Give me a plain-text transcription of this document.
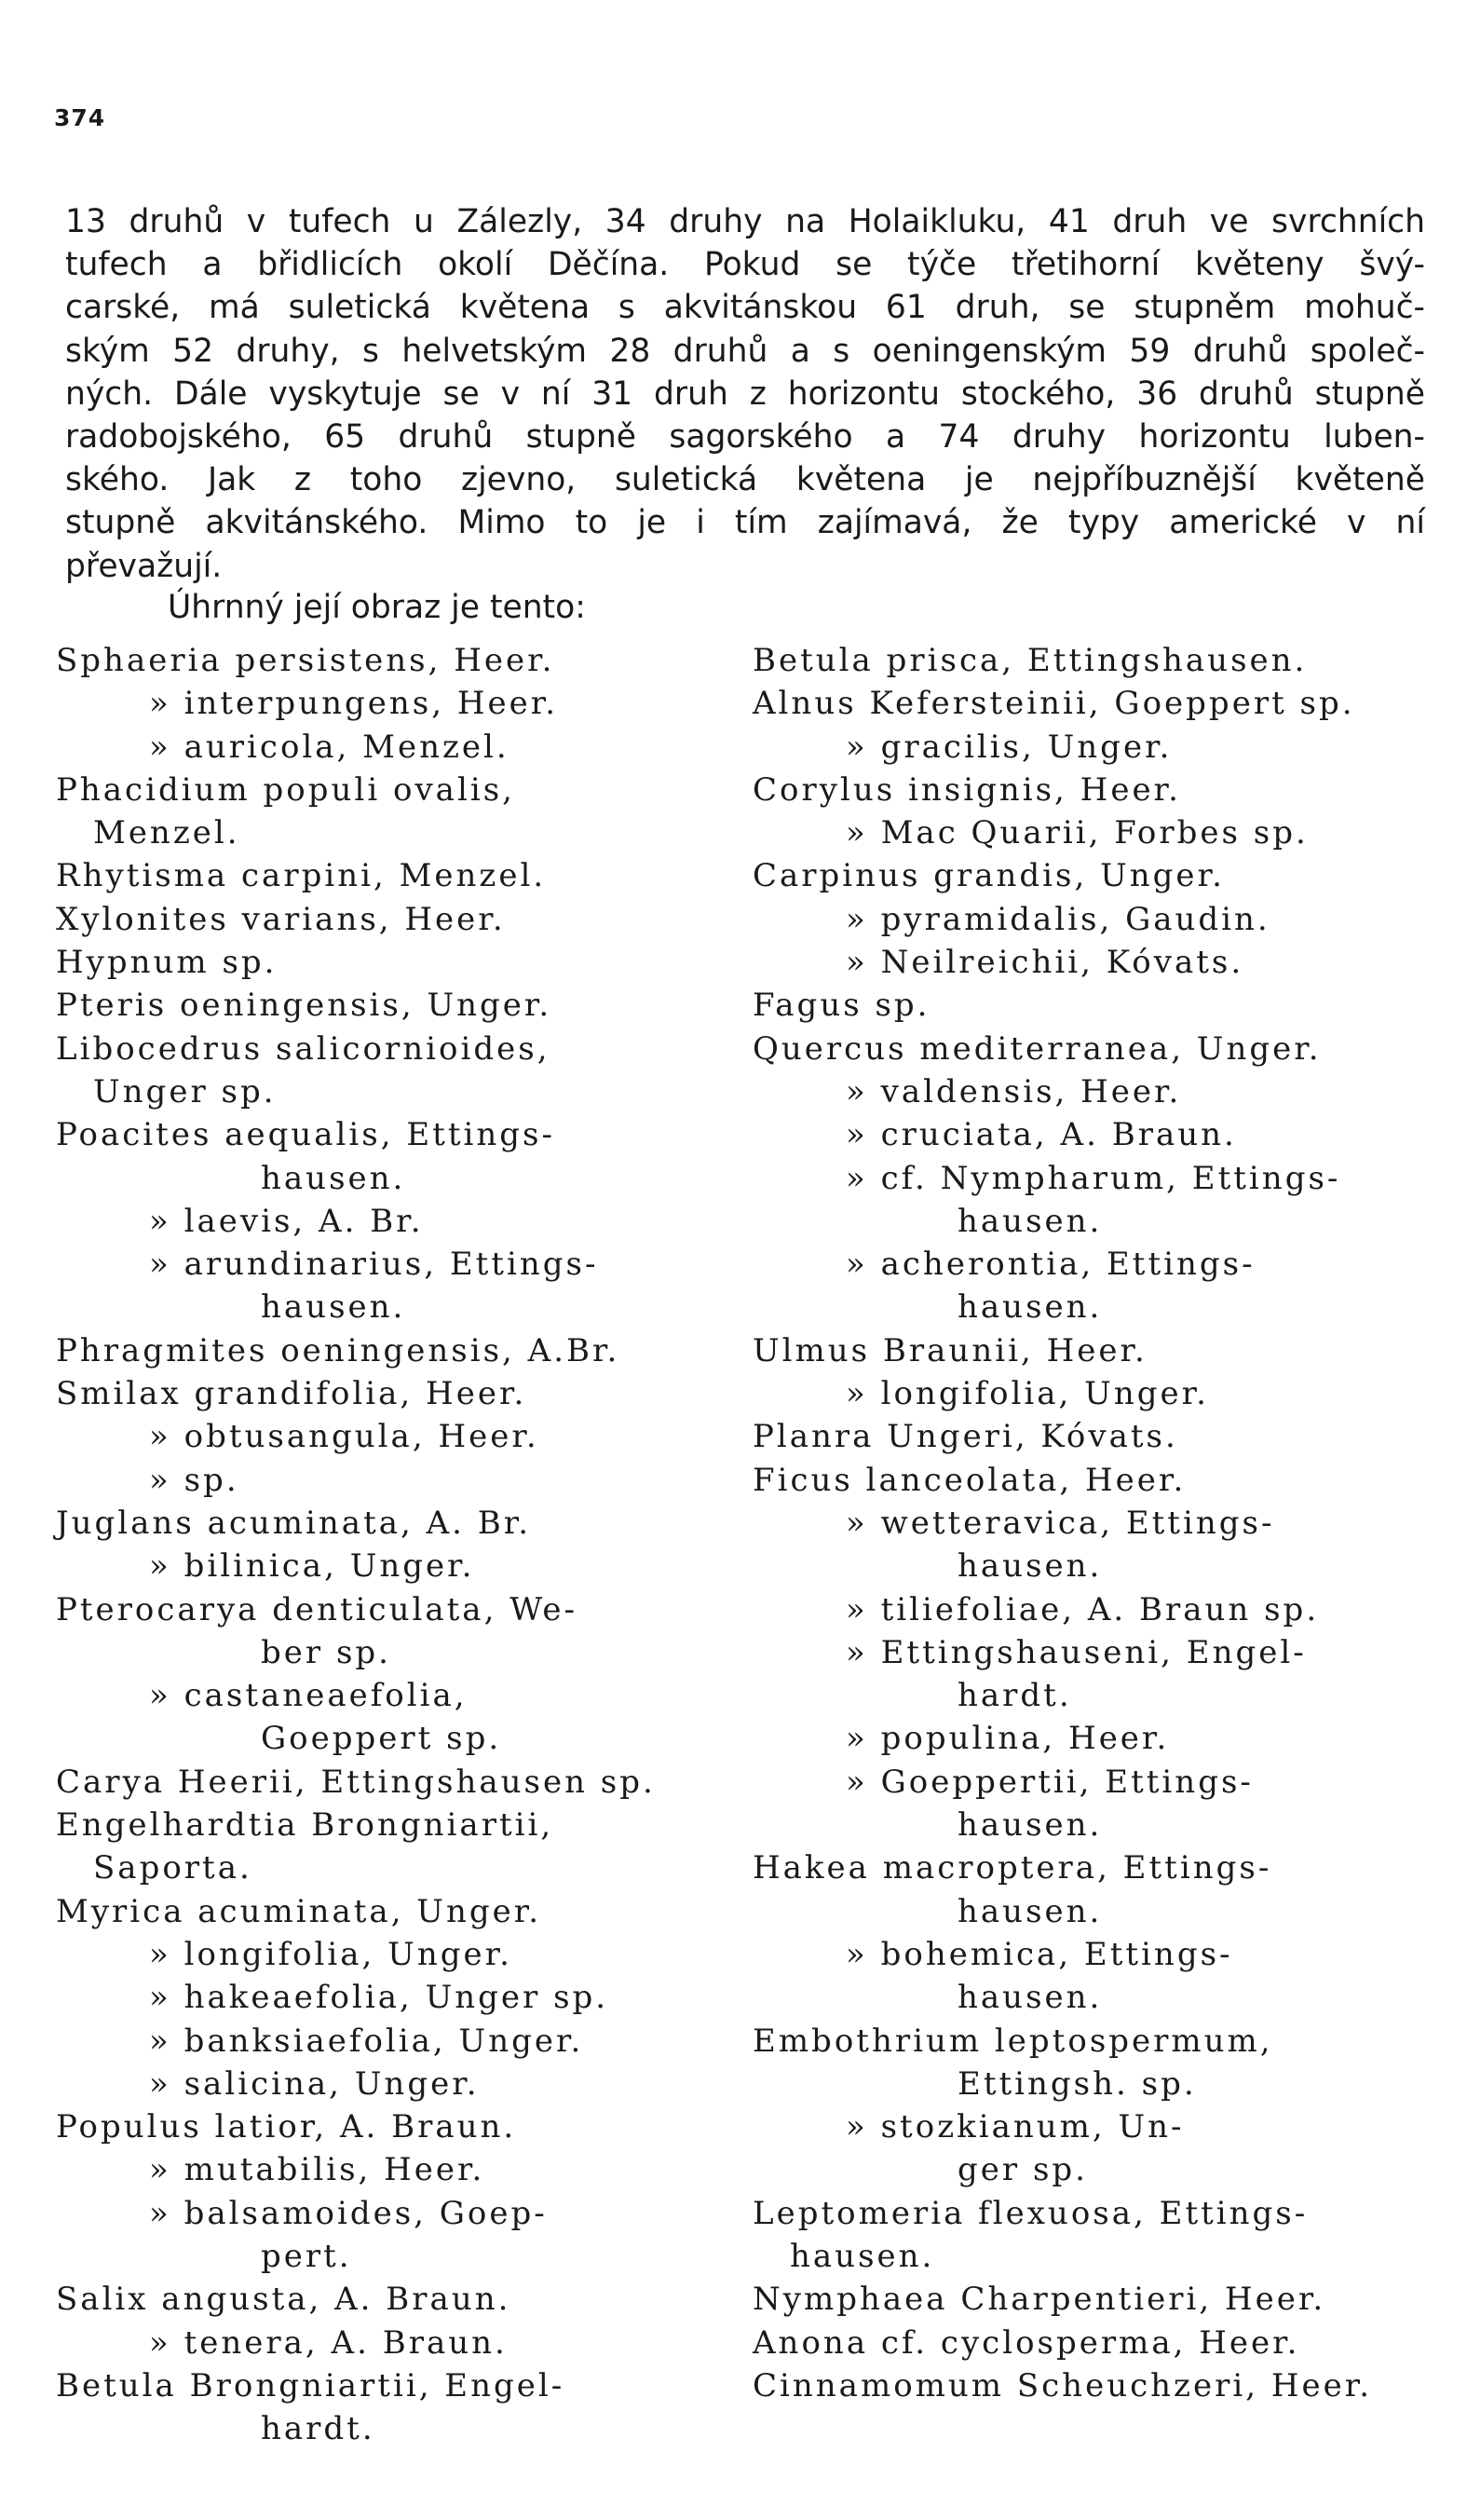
374
13 druhů v tufech u Zálezly, 34 druhy na Holaikluku, 41 druh ve svrchních
tufech a břidlicích okolí Děčína. Pokud se týče třetihorní květeny švý-
carské, má suletická květena s akvitánskou 61 druh, se stupněm mohuč-
ským 52 druhy, s helvetským 28 druhů a s oeningenským 59 druhů společ-
ných. Dále vyskytuje se v ní 31 druh z horizontu stockého, 36 druhů stupně
radobojského, 65 druhů stupně sagorského a 74 druhy horizontu luben-
ského. Jak z toho zjevno, suletická květena je nejpříbuznější květeně
stupně akvitánského. Mimo to je i tím zajímavá, že typy americké v ní
převažují.
Úhrnný její obraz je tento:
Sphaeria persistens, Heer.
» interpungens, Heer.
» auricola, Menzel.
Phacidium populi ovalis,
Menzel.
Rhytisma carpini, Menzel.
Xylonites varians, Heer.
Hypnum sp.
Pteris oeningensis, Unger.
Libocedrus salicornioides,
Unger sp.
Poacites aequalis, Ettings-
hausen.
» laevis, A. Br.
» arundinarius, Ettings-
hausen.
Phragmites oeningensis, A.Br.
Smilax grandifolia, Heer.
» obtusangula, Heer.
» sp.
Juglans acuminata, A. Br.
» bilinica, Unger.
Pterocarya denticulata, We-
ber sp.
» castaneaefolia,
Goeppert sp.
Carya Heerii, Ettingshausen sp.
Engelhardtia Brongniartii,
Saporta.
Myrica acuminata, Unger.
» longifolia, Unger.
» hakeaefolia, Unger sp.
» banksiaefolia, Unger.
» salicina, Unger.
Populus latior, A. Braun.
» mutabilis, Heer.
» balsamoides, Goep-
pert.
Salix angusta, A. Braun.
» tenera, A. Braun.
Betula Brongniartii, Engel-
hardt.
Betula prisca, Ettingshausen.
Alnus Kefersteinii, Goeppert sp.
» gracilis, Unger.
Corylus insignis, Heer.
» Mac Quarii, Forbes sp.
Carpinus grandis, Unger.
» pyramidalis, Gaudin.
» Neilreichii, Kóvats.
Fagus sp.
Quercus mediterranea, Unger.
» valdensis, Heer.
» cruciata, A. Braun.
» cf. Nympharum, Ettings-
hausen.
» acherontia, Ettings-
hausen.
Ulmus Braunii, Heer.
» longifolia, Unger.
Planra Ungeri, Kóvats.
Ficus lanceolata, Heer.
» wetteravica, Ettings-
hausen.
» tiliefoliae, A. Braun sp.
» Ettingshauseni, Engel-
hardt.
» populina, Heer.
» Goeppertii, Ettings-
hausen.
Hakea macroptera, Ettings-
hausen.
» bohemica, Ettings-
hausen.
Embothrium leptospermum,
Ettingsh. sp.
» stozkianum, Un-
ger sp.
Leptomeria flexuosa, Ettings-
hausen.
Nymphaea Charpentieri, Heer.
Anona cf. cyclosperma, Heer.
Cinnamomum Scheuchzeri, Heer.
